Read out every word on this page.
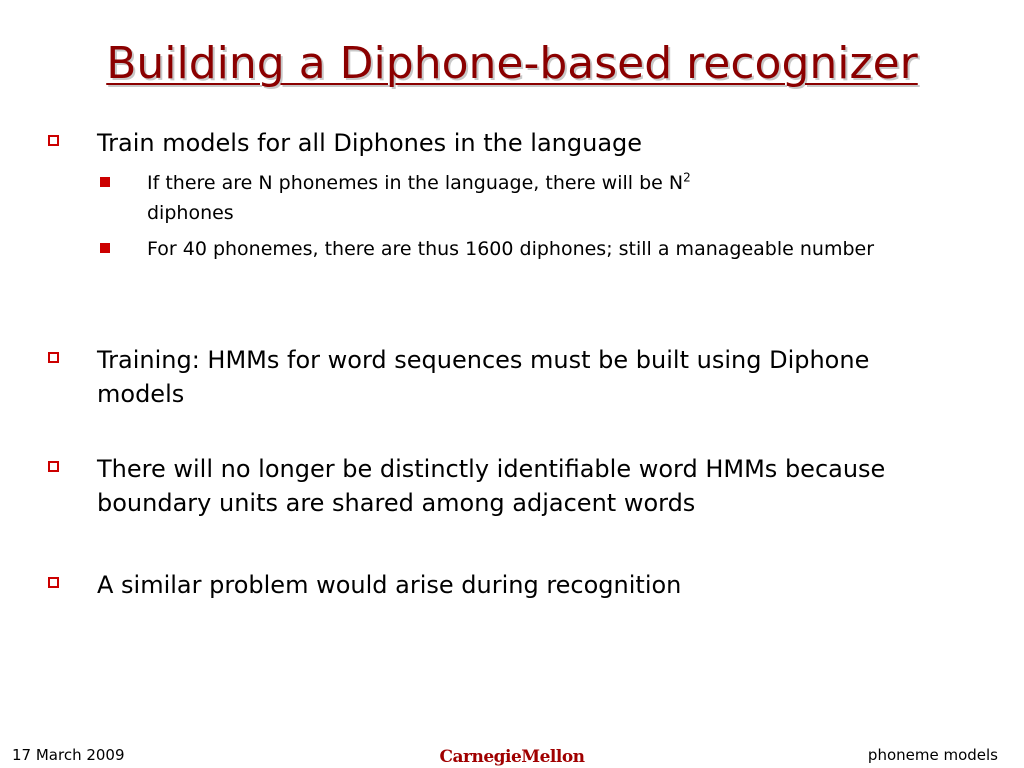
Building a Diphone-based recognizer
Train models for all Diphones in the language
If there are N phonemes in the language, there will be $N^2$
diphones
For 40 phonemes, there are thus 1600 diphones; still a manageable number
Training: HMMs for word sequences must be built using Diphone models
There will no longer be distinctly identifiable word HMMs because boundary units are shared among adjacent words
A similar problem would arise during recognition
17 March 2009	CarnegieMellon	phoneme models
